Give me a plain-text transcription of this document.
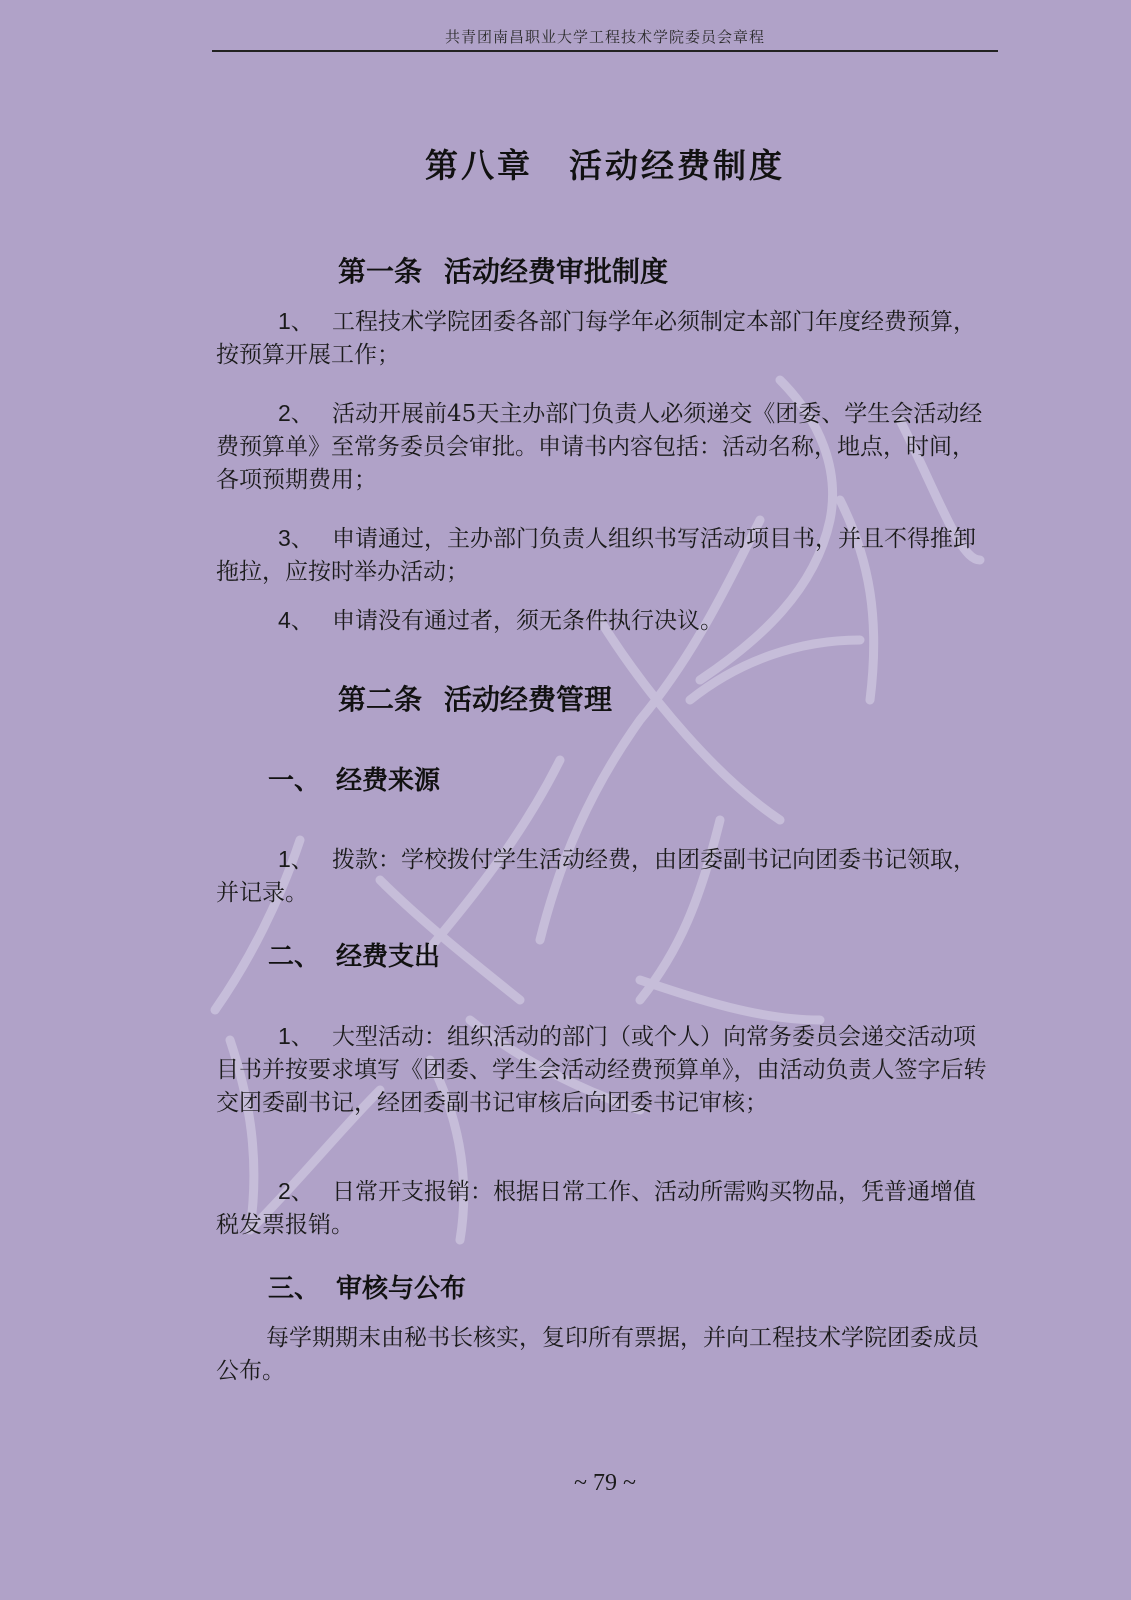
共青团南昌职业大学工程技术学院委员会章程
第八章　活动经费制度
第一条 活动经费审批制度
1、 工程技术学院团委各部门每学年必须制定本部门年度经费预算，按预算开展工作；
2、 活动开展前45天主办部门负责人必须递交《团委、学生会活动经费预算单》至常务委员会审批。申请书内容包括：活动名称，地点，时间，各项预期费用；
3、 申请通过，主办部门负责人组织书写活动项目书，并且不得推卸拖拉，应按时举办活动；
4、 申请没有通过者，须无条件执行决议。
第二条 活动经费管理
一、 经费来源
1、 拨款：学校拨付学生活动经费，由团委副书记向团委书记领取，并记录。
二、 经费支出
1、 大型活动：组织活动的部门（或个人）向常务委员会递交活动项目书并按要求填写《团委、学生会活动经费预算单》，由活动负责人签字后转交团委副书记，经团委副书记审核后向团委书记审核；
2、 日常开支报销：根据日常工作、活动所需购买物品，凭普通增值税发票报销。
三、 审核与公布
每学期期末由秘书长核实，复印所有票据，并向工程技术学院团委成员公布。
~ 79 ~
